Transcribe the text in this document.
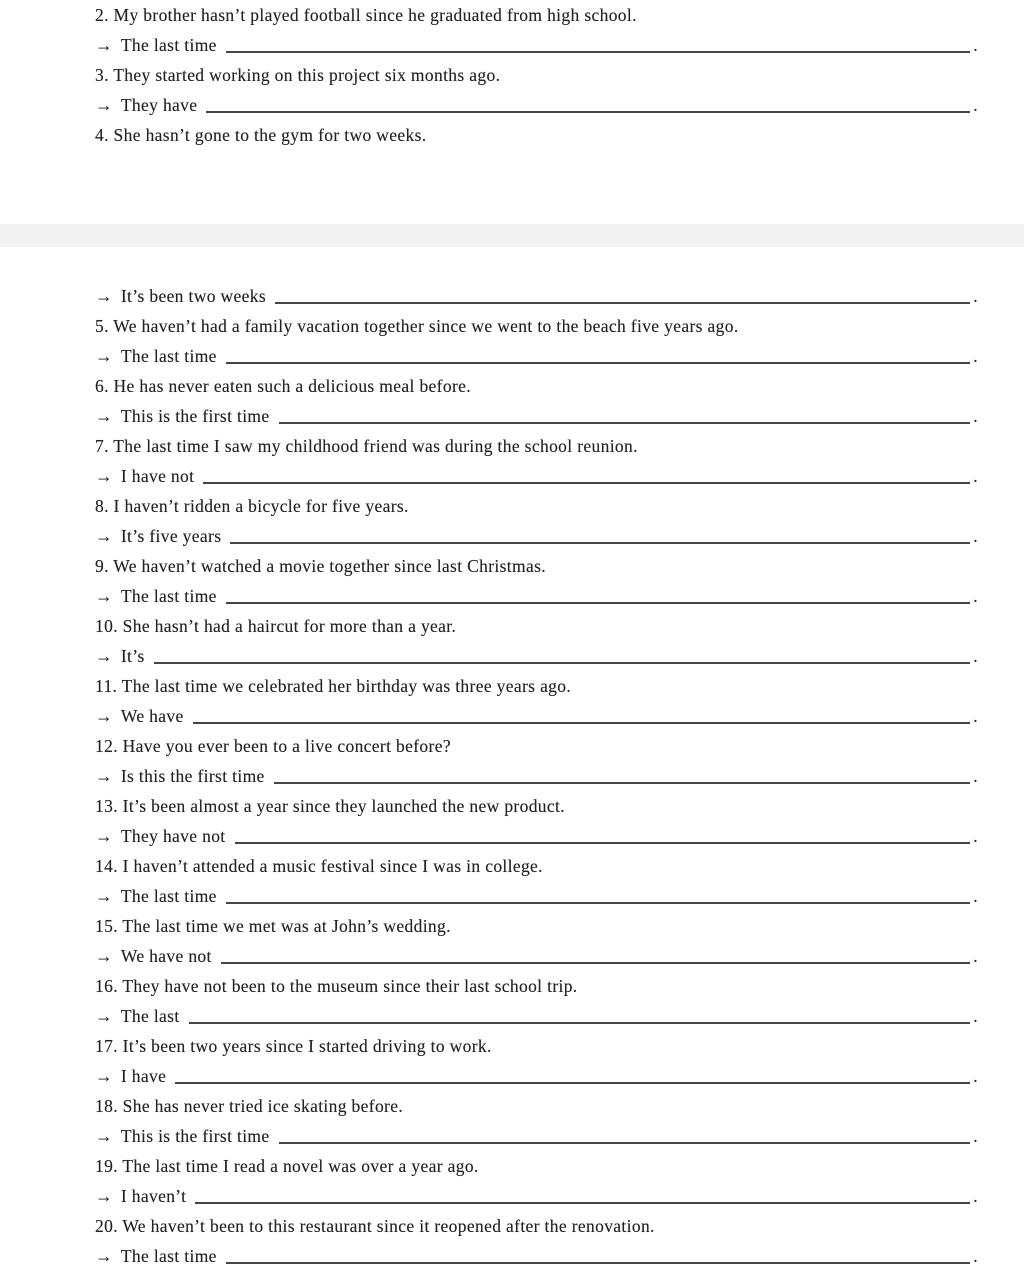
2. My brother hasn’t played football since he graduated from high school.
→ The last time	.
3. They started working on this project six months ago.
→ They have	.
4. She hasn’t gone to the gym for two weeks.
→ It’s been two weeks	.
5. We haven’t had a family vacation together since we went to the beach five years ago.
→ The last time	.
6. He has never eaten such a delicious meal before.
→ This is the first time	.
7. The last time I saw my childhood friend was during the school reunion.
→ I have not	.
8. I haven’t ridden a bicycle for five years.
→ It’s five years	.
9. We haven’t watched a movie together since last Christmas.
→ The last time	.
10. She hasn’t had a haircut for more than a year.
→ It’s	.
11. The last time we celebrated her birthday was three years ago.
→ We have	.
12. Have you ever been to a live concert before?
→ Is this the first time	.
13. It’s been almost a year since they launched the new product.
→ They have not	.
14. I haven’t attended a music festival since I was in college.
→ The last time	.
15. The last time we met was at John’s wedding.
→ We have not	.
16. They have not been to the museum since their last school trip.
→ The last	.
17. It’s been two years since I started driving to work.
→ I have	.
18. She has never tried ice skating before.
→ This is the first time	.
19. The last time I read a novel was over a year ago.
→ I haven’t	.
20. We haven’t been to this restaurant since it reopened after the renovation.
→ The last time	.
